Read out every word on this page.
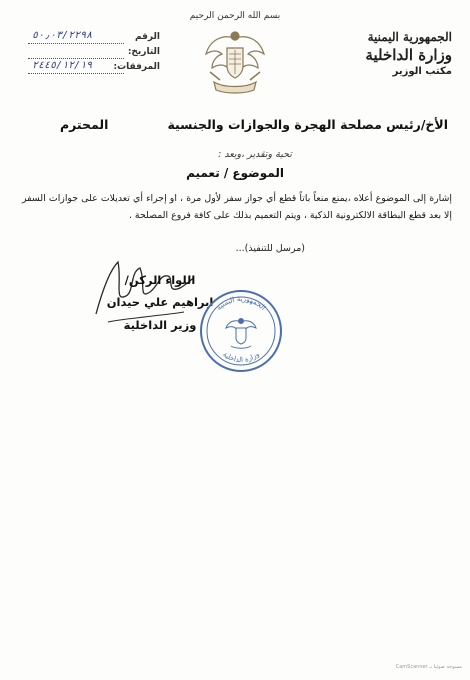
الجمهورية اليمنية
وزارة الداخلية
مكتب الوزير
بسم الله الرحمن الرحيم
الرقم
٥٠٫٠٣/٢٢٩٨
التاريخ:
المرفقات:
٢٤٤٥/١٢/١٩
الأخ/رئيس مصلحة الهجرة والجوازات والجنسية
المحترم
تحية وتقدير ،وبعد :
الموضوع / تعميم
إشارة إلى الموضوع أعلاه ،يمنع منعاً باتاً قطع أي جواز سفر لأول مرة ، او إجراء أي تعديلات على جوازات السفر إلا بعد قطع البطاقة الالكترونية الذكية ، ويتم التعميم بذلك على كافة فروع المصلحة .
(مرسل للتنفيذ)...
اللواء الركن/
ابراهيم علي حيدان
وزير الداخلية
الجمهورية اليمنية
وزارة الداخلية
CamScanner مسوحة ضوئيا بـ
